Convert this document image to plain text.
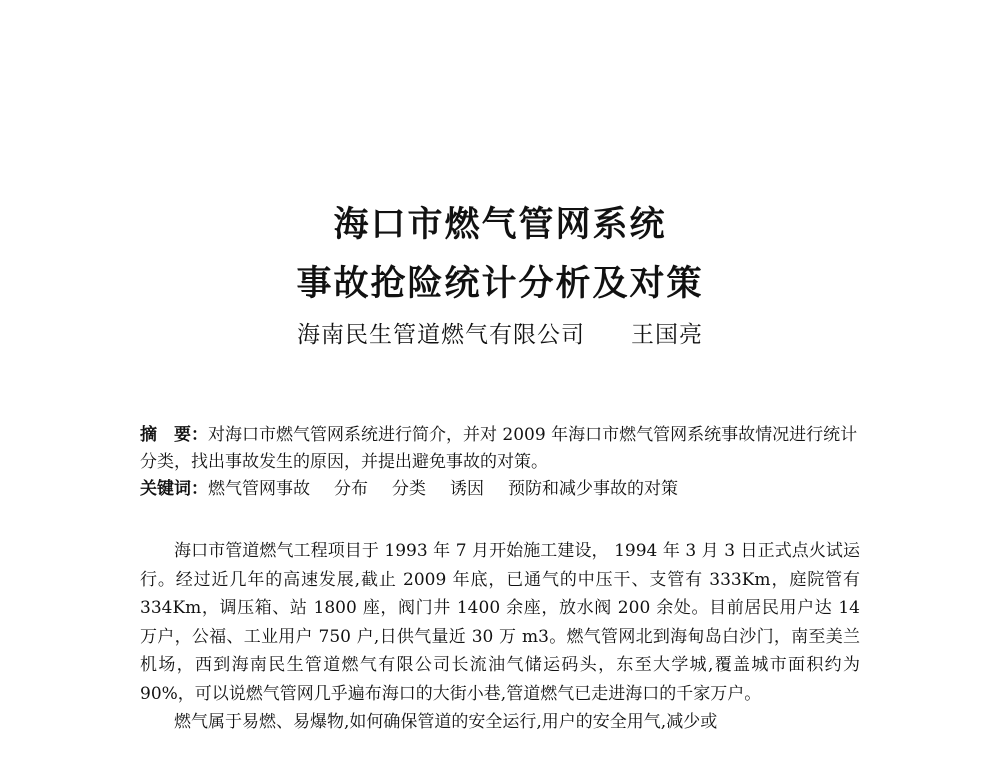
海口市燃气管网系统
事故抢险统计分析及对策
海南民生管道燃气有限公司 王国亮

摘　要：对海口市燃气管网系统进行简介，并对 2009 年海口市燃气管网系统事故情况进行统计分类，找出事故发生的原因，并提出避免事故的对策。

关键词：燃气管网事故 分布 分类 诱因 预防和减少事故的对策

海口市管道燃气工程项目于 1993 年 7 月开始施工建设， 1994 年 3 月 3 日正式点火试运行。经过近几年的高速发展,截止 2009 年底，已通气的中压干、支管有 333Km，庭院管有 334Km，调压箱、站 1800 座，阀门井 1400 余座，放水阀 200 余处。目前居民用户达 14 万户，公福、工业用户 750 户,日供气量近 30 万 m3。燃气管网北到海甸岛白沙门，南至美兰机场，西到海南民生管道燃气有限公司长流油气储运码头，东至大学城,覆盖城市面积约为 90%，可以说燃气管网几乎遍布海口的大街小巷,管道燃气已走进海口的千家万户。

燃气属于易燃、易爆物,如何确保管道的安全运行,用户的安全用气,减少或
